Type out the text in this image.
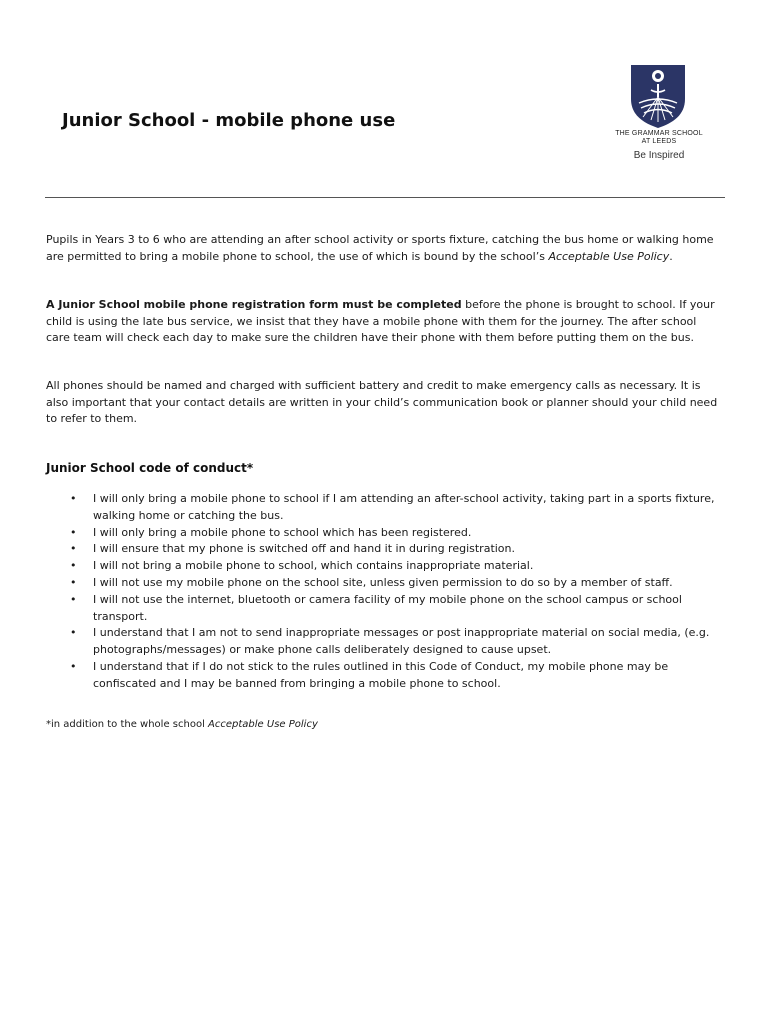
Junior School - mobile phone use
THE GRAMMAR SCHOOL
AT LEEDS
Be Inspired

Pupils in Years 3 to 6 who are attending an after school activity or sports fixture, catching the bus home or walking home are permitted to bring a mobile phone to school, the use of which is bound by the school’s Acceptable Use Policy.

A Junior School mobile phone registration form must be completed before the phone is brought to school. If your child is using the late bus service, we insist that they have a mobile phone with them for the journey. The after school care team will check each day to make sure the children have their phone with them before putting them on the bus.

All phones should be named and charged with sufficient battery and credit to make emergency calls as necessary. It is also important that your contact details are written in your child’s communication book or planner should your child need to refer to them.

Junior School code of conduct*
• I will only bring a mobile phone to school if I am attending an after-school activity, taking part in a sports fixture, walking home or catching the bus.
• I will only bring a mobile phone to school which has been registered.
• I will ensure that my phone is switched off and hand it in during registration.
• I will not bring a mobile phone to school, which contains inappropriate material.
• I will not use my mobile phone on the school site, unless given permission to do so by a member of staff.
• I will not use the internet, bluetooth or camera facility of my mobile phone on the school campus or school transport.
• I understand that I am not to send inappropriate messages or post inappropriate material on social media, (e.g. photographs/messages) or make phone calls deliberately designed to cause upset.
• I understand that if I do not stick to the rules outlined in this Code of Conduct, my mobile phone may be confiscated and I may be banned from bringing a mobile phone to school.

*in addition to the whole school Acceptable Use Policy
